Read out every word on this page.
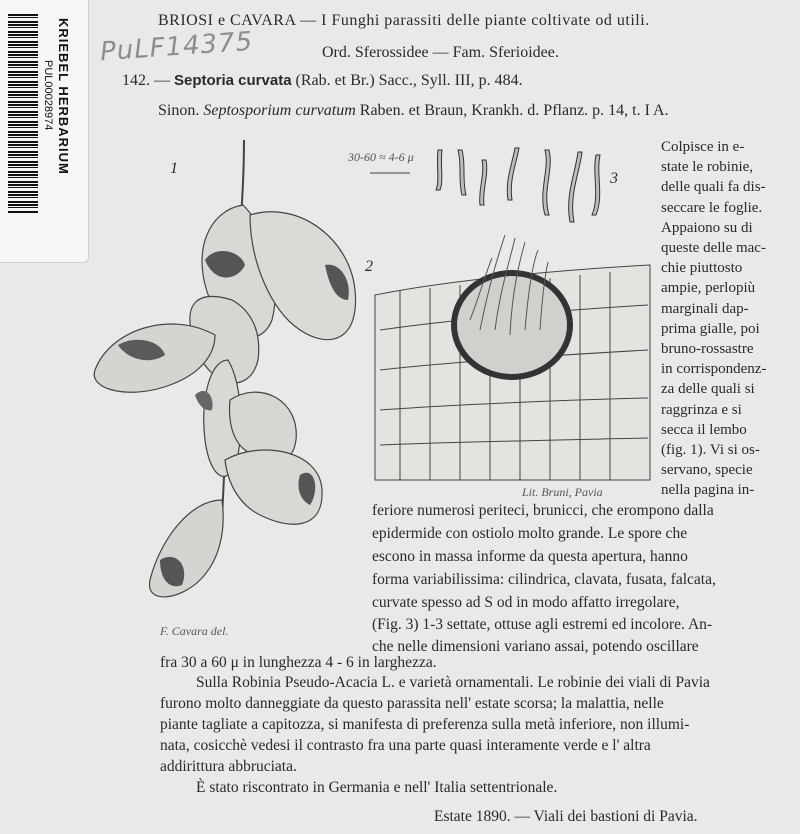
KRIEBEL HERBARIUM
PUL00028974
PuLF14375
BRIOSI e CAVARA — I Funghi parassiti delle piante coltivate od utili.
Ord. Sferossidee — Fam. Sferioidee.
142. — Septoria curvata (Rab. et Br.) Sacc., Syll. III, p. 484.
Sinon. Septosporium curvatum Raben. et Braun, Krankh. d. Pflanz. p. 14, t. I A.
1
2
3
30-60 ≈ 4-6 μ
F. Cavara del.
Lit. Bruni, Pavia
Colpisce in e-
state le robinie,
delle quali fa dis-
seccare le foglie.
Appaiono su di
queste delle mac-
chie piuttosto
ampie, perlopiù
marginali dap-
prima gialle, poi
bruno-rossastre
in corrispondenz-
za delle quali si
raggrinza e si
secca il lembo
(fig. 1). Vi si os-
servano, specie
nella pagina in-
feriore numerosi periteci, brunicci, che erompono dalla
epidermide con ostiolo molto grande. Le spore che
escono in massa informe da questa apertura, hanno
forma variabilissima: cilindrica, clavata, fusata, falcata,
curvate spesso ad S od in modo affatto irregolare,
(Fig. 3) 1-3 settate, ottuse agli estremi ed incolore. An-
che nelle dimensioni variano assai, potendo oscillare
fra 30 a 60 μ in lunghezza 4 - 6 in larghezza.
Sulla Robinia Pseudo-Acacia L. e varietà ornamentali. Le robinie dei viali di Pavia
furono molto danneggiate da questo parassita nell' estate scorsa; la malattia, nelle
piante tagliate a capitozza, si manifesta di preferenza sulla metà inferiore, non illumi-
nata, cosicchè vedesi il contrasto fra una parte quasi interamente verde e l' altra
addirittura abbruciata.
È stato riscontrato in Germania e nell' Italia settentrionale.
Estate 1890. — Viali dei bastioni di Pavia.
